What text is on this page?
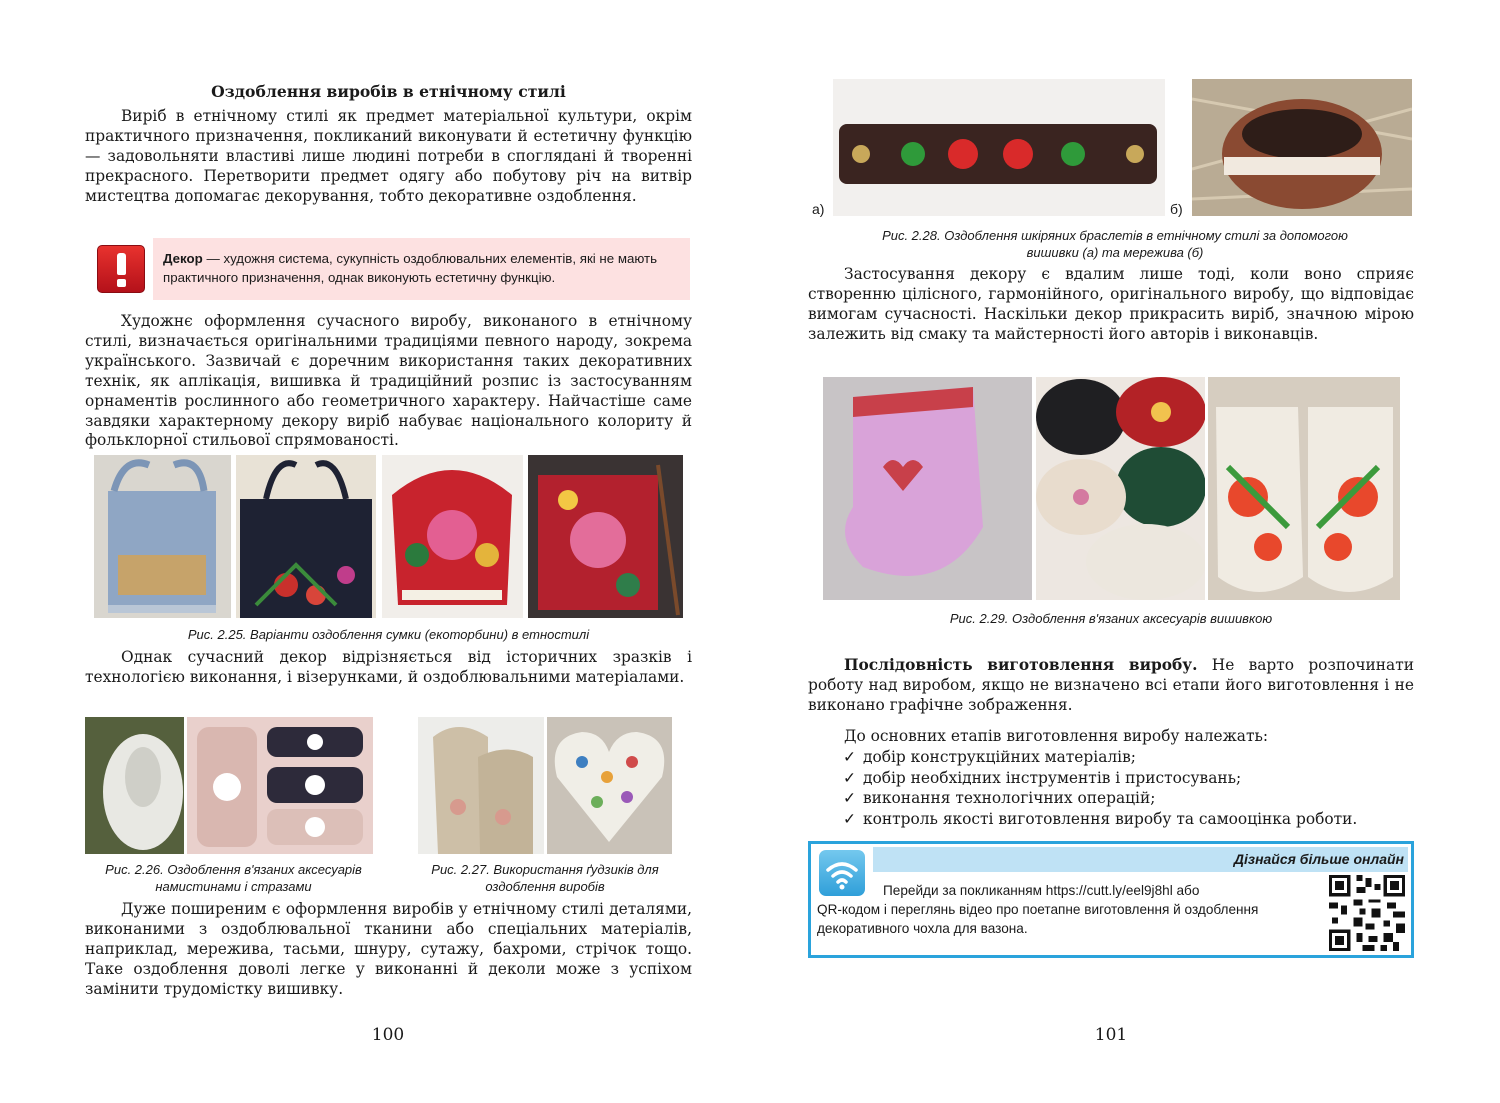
Оздоблення виробів в етнічному стилі

Виріб в етнічному стилі як предмет матеріальної культури, окрім практичного призначення, покликаний виконувати й естетичну функцію — задовольняти властиві лише людині потреби в споглядані й творенні прекрасного. Перетворити предмет одягу або побутову річ на витвір мистецтва допомагає декорування, тобто декоративне оздоблення.

Декор — художня система, сукупність оздоблювальних елементів, які не мають практичного призначення, однак виконують естетичну функцію.

Художнє оформлення сучасного виробу, виконаного в етнічному стилі, визначається оригінальними традиціями певного народу, зокрема українського. Зазвичай є доречним використання таких декоративних технік, як аплікація, вишивка й традиційний розпис із застосуванням орнаментів рослинного або геометричного характеру. Найчастіше саме завдяки характерному декору виріб набуває національного колориту й фольклорної стильової спрямованості.

Рис. 2.25. Варіанти оздоблення сумки (екоторбини) в етностилі

Однак сучасний декор відрізняється від історичних зразків і технологією виконання, і візерунками, й оздоблювальними матеріалами.

Рис. 2.26. Оздоблення в'язаних аксесуарів намистинами і стразами

Рис. 2.27. Використання ґудзиків для оздоблення виробів

Дуже поширеним є оформлення виробів у етнічному стилі деталями, виконаними з оздоблювальної тканини або спеціальних матеріалів, наприклад, мережива, тасьми, шнуру, сутажу, бахроми, стрічок тощо. Таке оздоблення доволі легке у виконанні й деколи може з успіхом замінити трудомістку вишивку.

100
а)	б)

Рис. 2.28. Оздоблення шкіряних браслетів в етнічному стилі за допомогою вишивки (а) та мережива (б)

Застосування декору є вдалим лише тоді, коли воно сприяє створенню цілісного, гармонійного, оригінального виробу, що відповідає вимогам сучасності. Наскільки декор прикрасить виріб, значною мірою залежить від смаку та майстерності його авторів і виконавців.

Рис. 2.29. Оздоблення в'язаних аксесуарів вишивкою

Послідовність виготовлення виробу. Не варто розпочинати роботу над виробом, якщо не визначено всі етапи його виготовлення і не виконано графічне зображення.

До основних етапів виготовлення виробу належать:

✓ добір конструкційних матеріалів;
✓ добір необхідних інструментів і пристосувань;
✓ виконання технологічних операцій;
✓ контроль якості виготовлення виробу та самооцінка роботи.
Дізнайся більше онлайн
Перейди за покликанням https://cutt.ly/eel9j8hl або
QR-кодом і переглянь відео про поетапне виготовлення й оздоблення декоративного чохла для вазона.
101
